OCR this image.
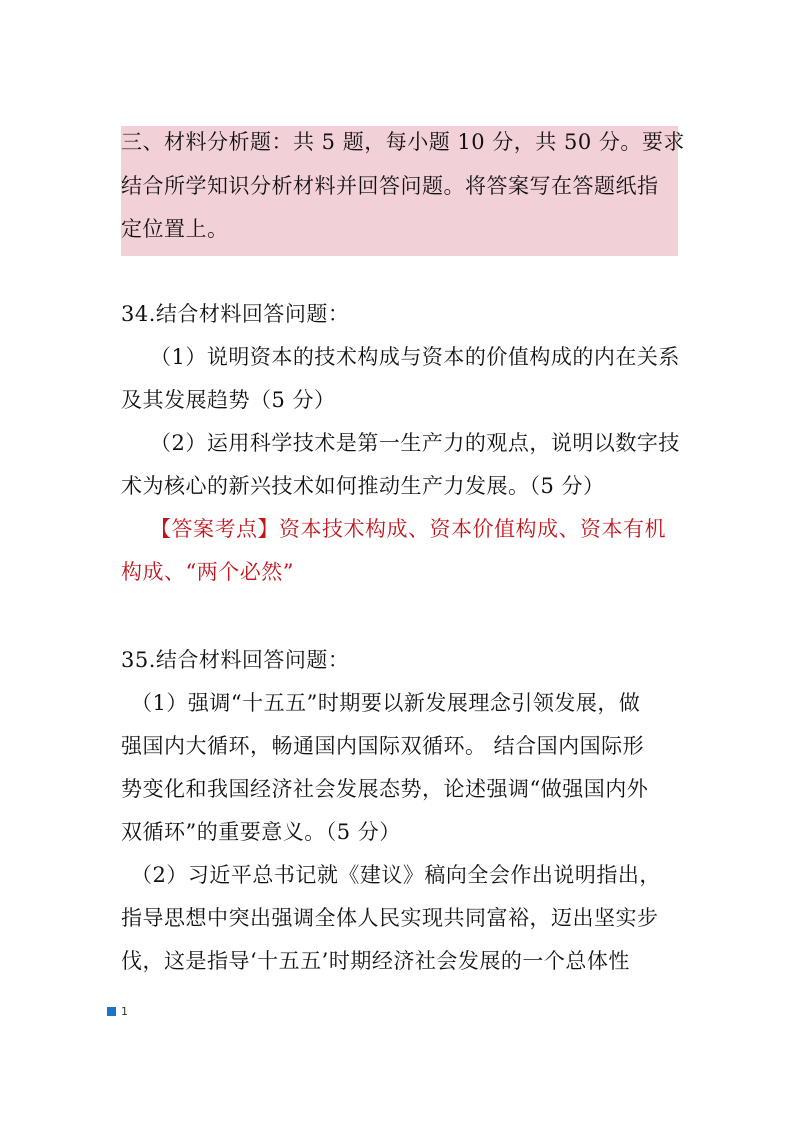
三、材料分析题：共 5 题，每小题 10 分，共 50 分。要求
结合所学知识分析材料并回答问题。将答案写在答题纸指
定位置上。
34.结合材料回答问题：
（1）说明资本的技术构成与资本的价值构成的内在关系
及其发展趋势（5 分）
（2）运用科学技术是第一生产力的观点，说明以数字技
术为核心的新兴技术如何推动生产力发展。（5 分）
【答案考点】资本技术构成、资本价值构成、资本有机
构成、“两个必然”
35.结合材料回答问题：
（1）强调“十五五”时期要以新发展理念引领发展，做
强国内大循环，畅通国内国际双循环。 结合国内国际形
势变化和我国经济社会发展态势，论述强调“做强国内外
双循环”的重要意义。（5 分）
（2）习近平总书记就《建议》稿向全会作出说明指出，
指导思想中突出强调全体人民实现共同富裕，迈出坚实步
伐，这是指导‘十五五’时期经济社会发展的一个总体性
1
